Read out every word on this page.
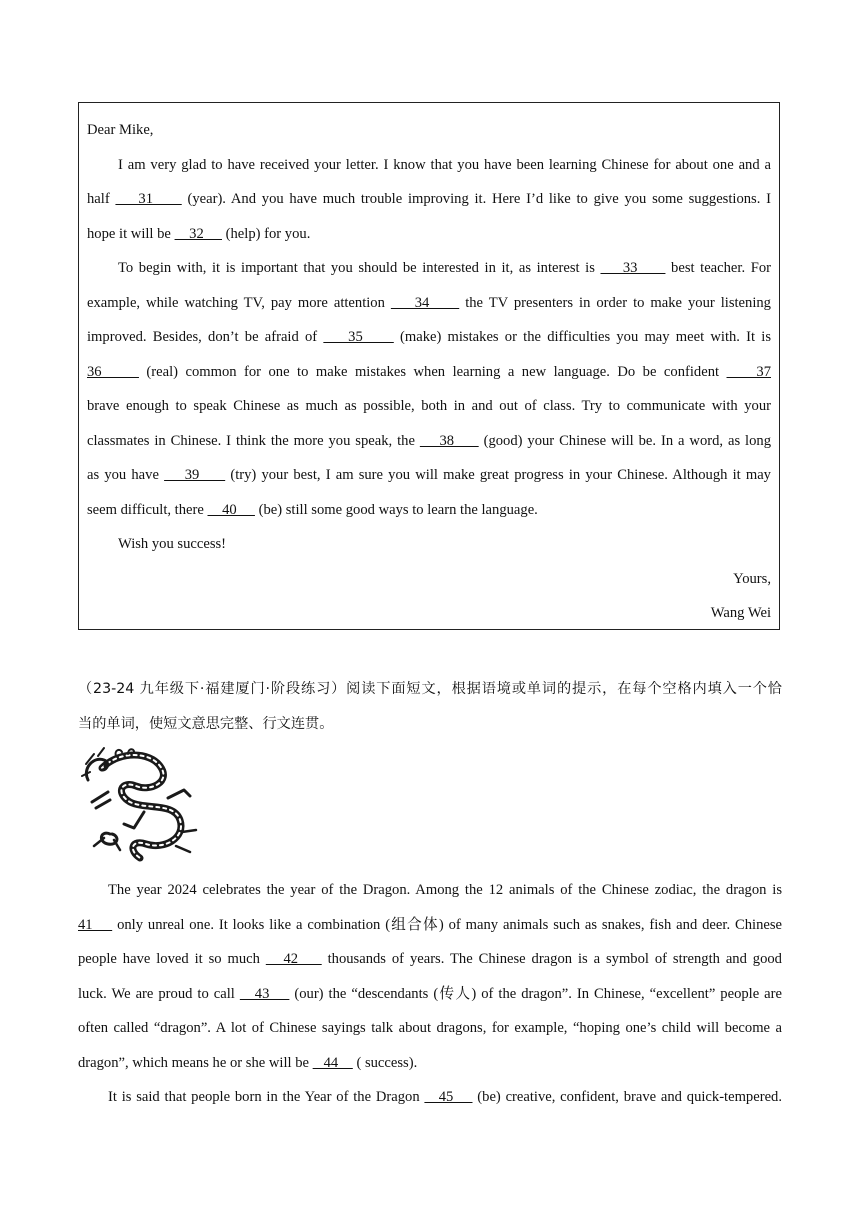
Dear Mike,
I am very glad to have received your letter. I know that you have been learning Chinese for about one and a
half     31      (year). And you have much trouble improving it. Here I’d like to give you some suggestions. I
hope it will be     32      (help) for you.
To begin with, it is important that you should be interested in it, as interest is     33      best teacher. For
example, while watching TV, pay more attention     34      the TV presenters in order to make your listening
improved. Besides, don’t be afraid of     35      (make) mistakes or the difficulties you may meet with. It is
36      (real) common for one to make mistakes when learning a new language. Do be confident     37
brave enough to speak Chinese as much as possible, both in and out of class. Try to communicate with your
classmates in Chinese. I think the more you speak, the     38      (good) your Chinese will be. In a word, as long
as you have     39      (try) your best, I am sure you will make great progress in your Chinese. Although it may
seem difficult, there     40      (be) still some good ways to learn the language.
Wish you success!
Yours,
Wang Wei
（23-24 九年级下·福建厦门·阶段练习）阅读下面短文，根据语境或单词的提示，在每个空格内填入一个恰
当的单词，使短文意思完整、行文连贯。
The year 2024 celebrates the year of the Dragon. Among the 12 animals of the Chinese zodiac, the dragon is
41     only unreal one. It looks like a combination (组合体) of many animals such as snakes, fish and deer. Chinese
people have loved it so much    42     thousands of years. The Chinese dragon is a symbol of strength and good
luck. We are proud to call    43     (our) the “descendants (传人) of the dragon”. In Chinese, “excellent” people are
often called “dragon”. A lot of Chinese sayings talk about dragons, for example, “hoping one’s child will become a
dragon”, which means he or she will be    44     ( success).
It is said that people born in the Year of the Dragon    45     (be) creative, confident, brave and quick-tempered.
